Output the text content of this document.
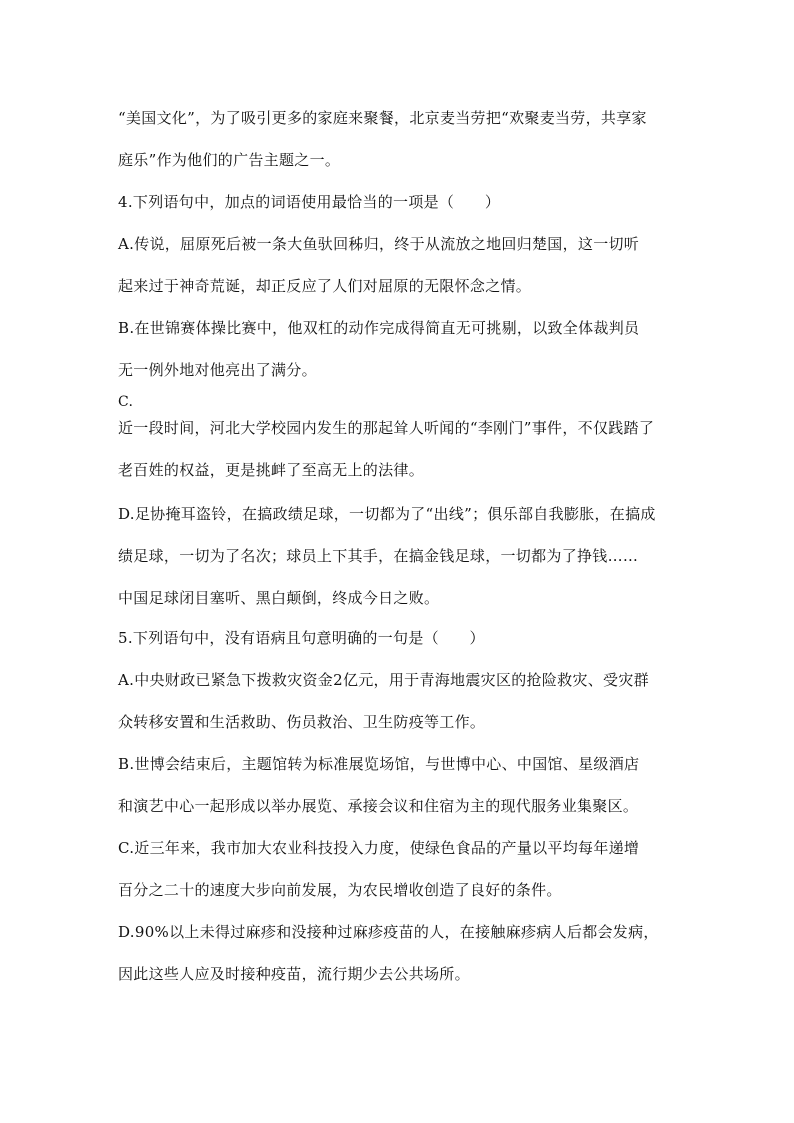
“美国文化”，为了吸引更多的家庭来聚餐，北京麦当劳把“欢聚麦当劳，共享家
庭乐”作为他们的广告主题之一。
4.下列语句中，加点的词语使用最恰当的一项是（　　）
A.传说，屈原死后被一条大鱼驮回秭归，终于从流放之地回归楚国，这一切听
起来过于神奇荒诞，却正反应了人们对屈原的无限怀念之情。
B.在世锦赛体操比赛中，他双杠的动作完成得简直无可挑剔，以致全体裁判员
无一例外地对他亮出了满分。
C.
近一段时间，河北大学校园内发生的那起耸人听闻的“李刚门”事件，不仅践踏了
老百姓的权益，更是挑衅了至高无上的法律。
D.足协掩耳盗铃，在搞政绩足球，一切都为了“出线”；俱乐部自我膨胀，在搞成
绩足球，一切为了名次；球员上下其手，在搞金钱足球，一切都为了挣钱……
中国足球闭目塞听、黑白颠倒，终成今日之败。
5.下列语句中，没有语病且句意明确的一句是（　　）
A.中央财政已紧急下拨救灾资金2亿元，用于青海地震灾区的抢险救灾、受灾群
众转移安置和生活救助、伤员救治、卫生防疫等工作。
B.世博会结束后，主题馆转为标准展览场馆，与世博中心、中国馆、星级酒店
和演艺中心一起形成以举办展览、承接会议和住宿为主的现代服务业集聚区。
C.近三年来，我市加大农业科技投入力度，使绿色食品的产量以平均每年递增
百分之二十的速度大步向前发展，为农民增收创造了良好的条件。
D.90%以上未得过麻疹和没接种过麻疹疫苗的人，在接触麻疹病人后都会发病，
因此这些人应及时接种疫苗，流行期少去公共场所。
